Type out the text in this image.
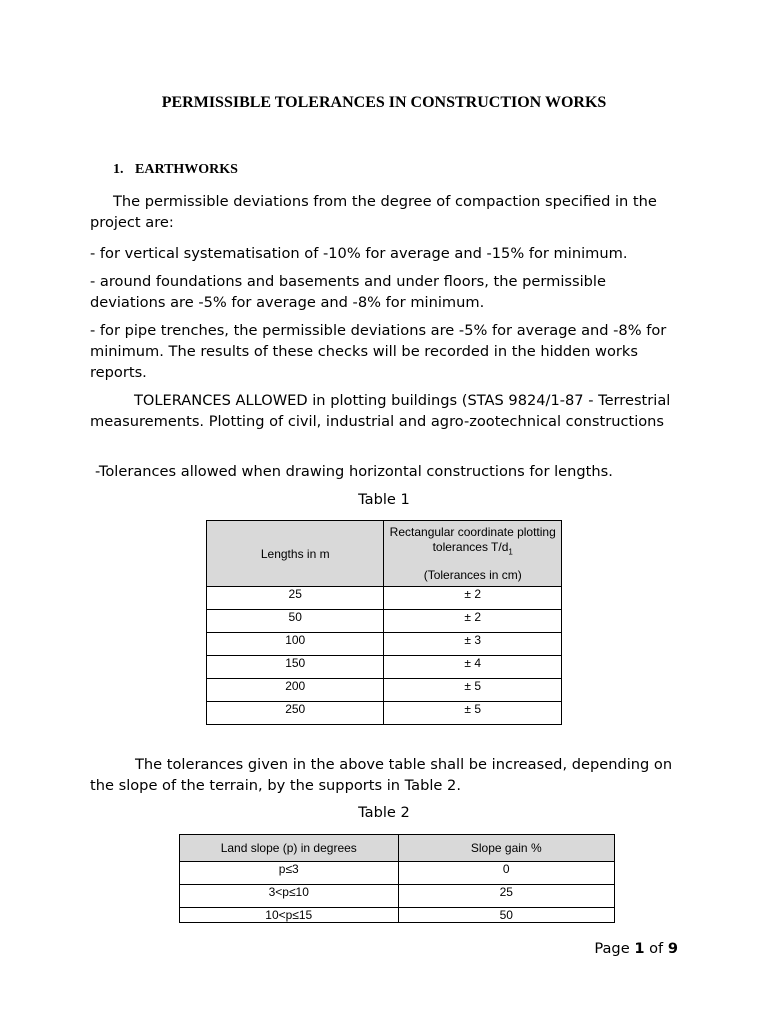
PERMISSIBLE TOLERANCES IN CONSTRUCTION WORKS
1. EARTHWORKS

The permissible deviations from the degree of compaction specified in the project are:

- for vertical systematisation of -10% for average and -15% for minimum.

- around foundations and basements and under floors, the permissible deviations are -5% for average and -8% for minimum.

- for pipe trenches, the permissible deviations are -5% for average and -8% for minimum. The results of these checks will be recorded in the hidden works reports.

TOLERANCES ALLOWED in plotting buildings (STAS 9824/1-87 - Terrestrial measurements. Plotting of civil, industrial and agro-zootechnical constructions

-Tolerances allowed when drawing horizontal constructions for lengths.

Table 1
Lengths in m	Rectangular coordinate plotting tolerances $T/d_1$
(Tolerances in cm)

25	± 2
50	± 2
100	± 3
150	± 4
200	± 5
250	± 5

The tolerances given in the above table shall be increased, depending on the slope of the terrain, by the supports in Table 2.

Table 2
Land slope (p) in degrees	Slope gain %
p≤3	0
3<p≤10	25
10<p≤15	50
Page 1 of 9
